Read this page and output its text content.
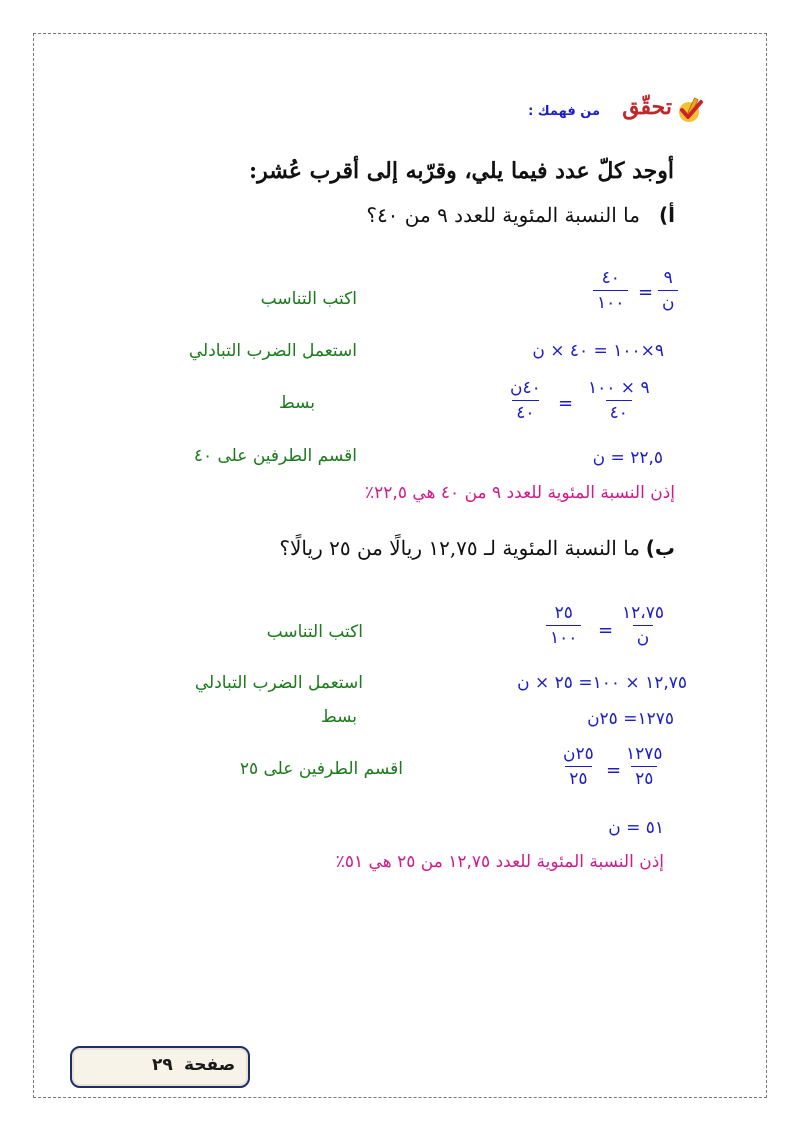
تحقّق
من فهمك :
أوجد كلّ عدد فيما يلي، وقرّبه إلى أقرب عُشر:
أ)
ما النسبة المئوية للعدد ٩ من ٤٠؟
٩
ن
=
٤٠
١٠٠
اكتب التناسب
٩×١٠٠ = ٤٠ × ن
استعمل الضرب التبادلي
٩ × ١٠٠
٤٠
=
٤٠ن
٤٠
بسط
٢٢,٥ = ن
اقسم الطرفين على ٤٠
إذن النسبة المئوية للعدد ٩ من ٤٠ هي ٢٢,٥٪
ب)
ما النسبة المئوية لـ ١٢,٧٥ ريالًا من ٢٥ ريالًا؟
١٢،٧٥
ن
=
٢٥
١٠٠
اكتب التناسب
١٢,٧٥ × ١٠٠= ٢٥ × ن
استعمل الضرب التبادلي
١٢٧٥= ٢٥ن
بسط
١٢٧٥
٢٥
=
٢٥ن
٢٥
اقسم الطرفين على ٢٥
٥١ = ن
إذن النسبة المئوية للعدد ١٢,٧٥ من ٢٥ هي ٥١٪
صفحة
٢٩
